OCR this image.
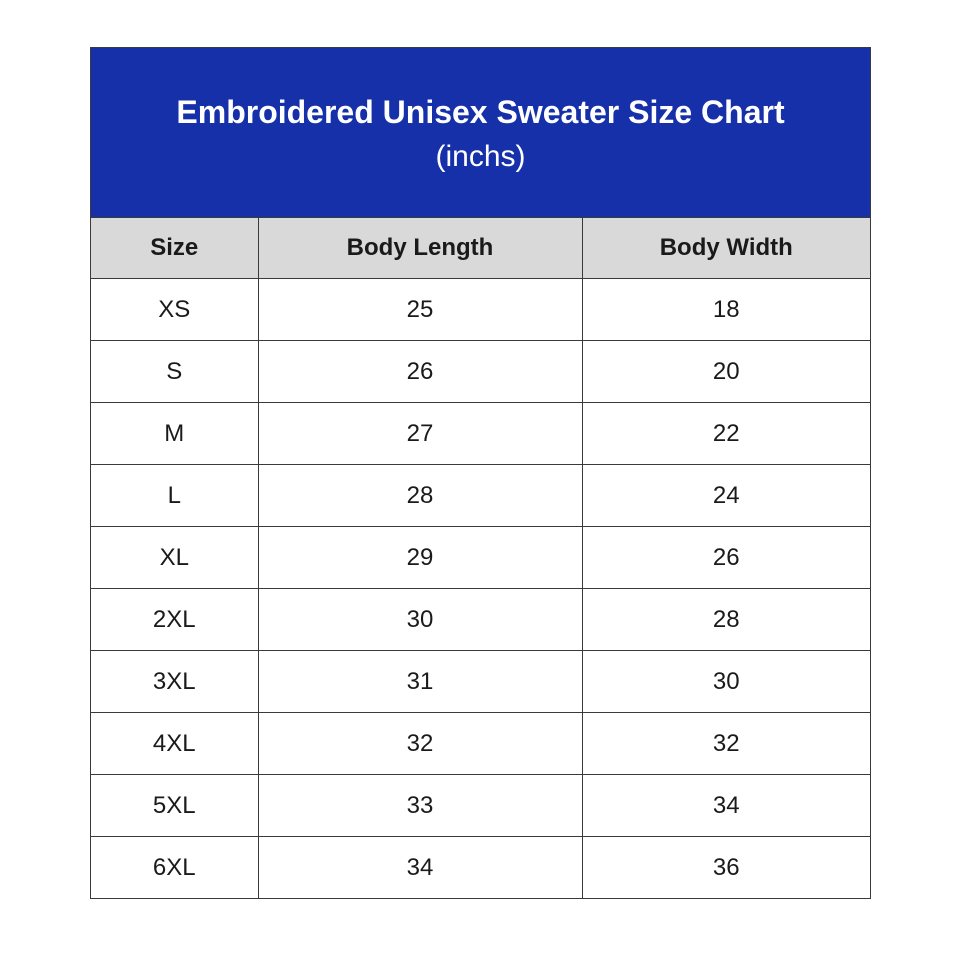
Embroidered Unisex Sweater Size Chart
(inchs)
Size	Body Length	Body Width
XS	25	18
S	26	20
M	27	22
L	28	24
XL	29	26
2XL	30	28
3XL	31	30
4XL	32	32
5XL	33	34
6XL	34	36
